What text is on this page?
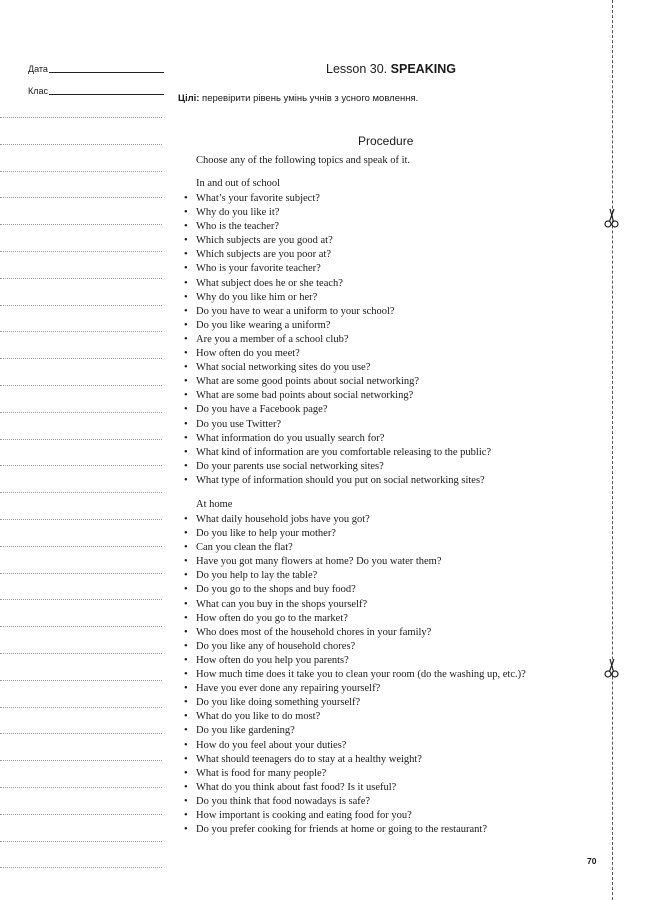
Дата
Клас
Lesson 30. SPEAKING
Цілі: перевірити рівень умінь учнів з усного мовлення.
Procedure
Choose any of the following topics and speak of it.
In and out of school
• What’s your favorite subject?
• Why do you like it?
• Who is the teacher?
• Which subjects are you good at?
• Which subjects are you poor at?
• Who is your favorite teacher?
• What subject does he or she teach?
• Why do you like him or her?
• Do you have to wear a uniform to your school?
• Do you like wearing a uniform?
• Are you a member of a school club?
• How often do you meet?
• What social networking sites do you use?
• What are some good points about social networking?
• What are some bad points about social networking?
• Do you have a Facebook page?
• Do you use Twitter?
• What information do you usually search for?
• What kind of information are you comfortable releasing to the public?
• Do your parents use social networking sites?
• What type of information should you put on social networking sites?
At home
• What daily household jobs have you got?
• Do you like to help your mother?
• Can you clean the flat?
• Have you got many flowers at home? Do you water them?
• Do you help to lay the table?
• Do you go to the shops and buy food?
• What can you buy in the shops yourself?
• How often do you go to the market?
• Who does most of the household chores in your family?
• Do you like any of household chores?
• How often do you help you parents?
• How much time does it take you to clean your room (do the washing up, etc.)?
• Have you ever done any repairing yourself?
• Do you like doing something yourself?
• What do you like to do most?
• Do you like gardening?
• How do you feel about your duties?
• What should teenagers do to stay at a healthy weight?
• What is food for many people?
• What do you think about fast food? Is it useful?
• Do you think that food nowadays is safe?
• How important is cooking and eating food for you?
• Do you prefer cooking for friends at home or going to the restaurant?
70
